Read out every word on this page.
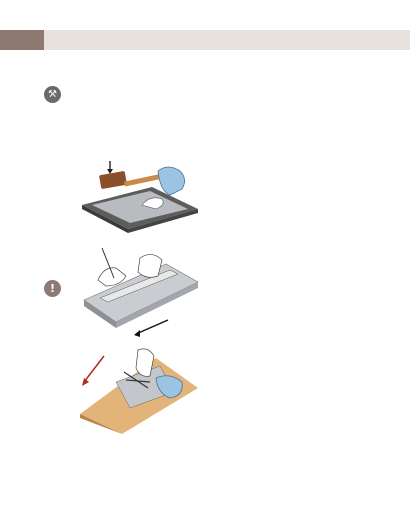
⚒
!
